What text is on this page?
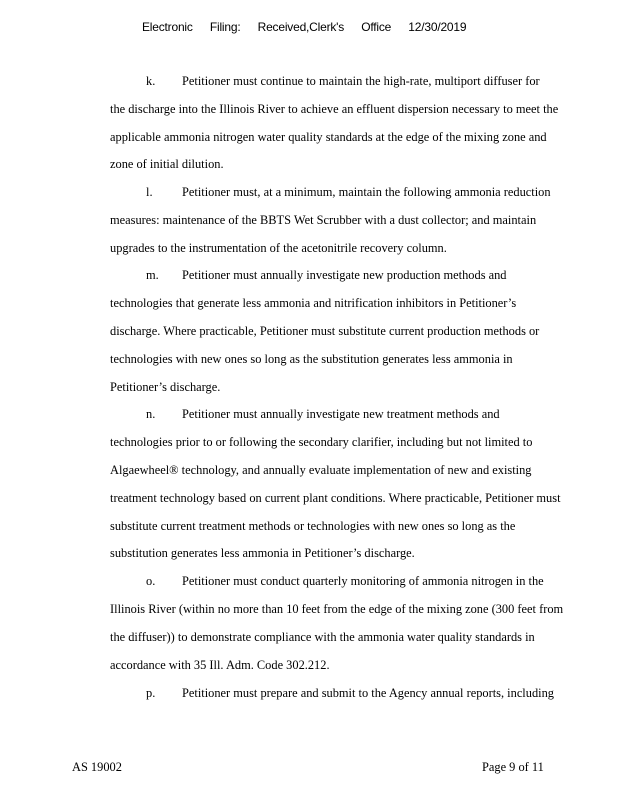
Electronic Filing: Received,Clerk's Office 12/30/2019
k. Petitioner must continue to maintain the high-rate, multiport diffuser for
the discharge into the Illinois River to achieve an effluent dispersion necessary to meet the
applicable ammonia nitrogen water quality standards at the edge of the mixing zone and
zone of initial dilution.
l. Petitioner must, at a minimum, maintain the following ammonia reduction
measures: maintenance of the BBTS Wet Scrubber with a dust collector; and maintain
upgrades to the instrumentation of the acetonitrile recovery column.
m. Petitioner must annually investigate new production methods and
technologies that generate less ammonia and nitrification inhibitors in Petitioner’s
discharge. Where practicable, Petitioner must substitute current production methods or
technologies with new ones so long as the substitution generates less ammonia in
Petitioner’s discharge.
n. Petitioner must annually investigate new treatment methods and
technologies prior to or following the secondary clarifier, including but not limited to
Algaewheel® technology, and annually evaluate implementation of new and existing
treatment technology based on current plant conditions. Where practicable, Petitioner must
substitute current treatment methods or technologies with new ones so long as the
substitution generates less ammonia in Petitioner’s discharge.
o. Petitioner must conduct quarterly monitoring of ammonia nitrogen in the
Illinois River (within no more than 10 feet from the edge of the mixing zone (300 feet from
the diffuser)) to demonstrate compliance with the ammonia water quality standards in
accordance with 35 Ill. Adm. Code 302.212.
p. Petitioner must prepare and submit to the Agency annual reports, including
AS 19002	Page 9 of 11
